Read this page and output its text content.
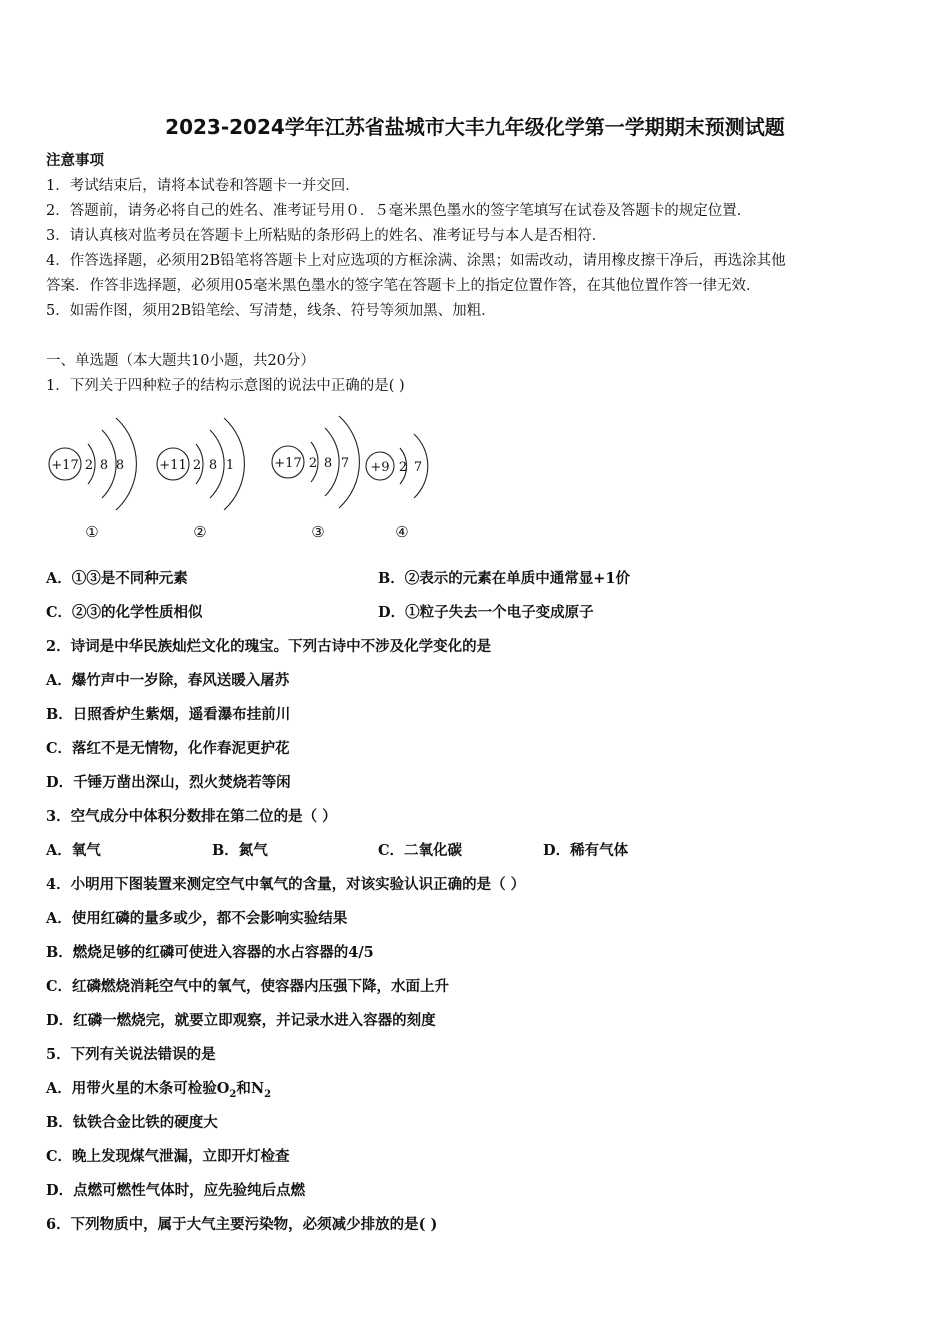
2023-2024学年江苏省盐城市大丰九年级化学第一学期期末预测试题
注意事项
1．考试结束后，请将本试卷和答题卡一并交回．
2．答题前，请务必将自己的姓名、准考证号用０．５毫米黑色墨水的签字笔填写在试卷及答题卡的规定位置．
3．请认真核对监考员在答题卡上所粘贴的条形码上的姓名、准考证号与本人是否相符．
4．作答选择题，必须用2B铅笔将答题卡上对应选项的方框涂满、涂黑；如需改动，请用橡皮擦干净后，再选涂其他
答案．作答非选择题，必须用05毫米黑色墨水的签字笔在答题卡上的指定位置作答，在其他位置作答一律无效．
5．如需作图，须用2B铅笔绘、写清楚，线条、符号等须加黑、加粗．
一、单选题（本大题共10小题，共20分）
1．下列关于四种粒子的结构示意图的说法中正确的是( )
+17 2 8 8	+11 2 8 1	+17 2 8 7 +9 2 7
①	②	③	④
A．①③是不同种元素	B．②表示的元素在单质中通常显+1价
C．②③的化学性质相似	D．①粒子失去一个电子变成原子
2．诗词是中华民族灿烂文化的瑰宝。下列古诗中不涉及化学变化的是
A．爆竹声中一岁除，春风送暖入屠苏
B．日照香炉生紫烟，遥看瀑布挂前川
C．落红不是无情物，化作春泥更护花
D．千锤万凿出深山，烈火焚烧若等闲
3．空气成分中体积分数排在第二位的是（ ）
A．氧气	B．氮气	C．二氧化碳	D．稀有气体
4．小明用下图装置来测定空气中氧气的含量，对该实验认识正确的是（ ）
A．使用红磷的量多或少，都不会影响实验结果
B．燃烧足够的红磷可使进入容器的水占容器的4/5
C．红磷燃烧消耗空气中的氧气，使容器内压强下降，水面上升
D．红磷一燃烧完，就要立即观察，并记录水进入容器的刻度
5．下列有关说法错误的是
A．用带火星的木条可检验$O_2$和$N_2$
B．钛铁合金比铁的硬度大
C．晚上发现煤气泄漏，立即开灯检查
D．点燃可燃性气体时，应先验纯后点燃
6．下列物质中，属于大气主要污染物，必须减少排放的是( )
